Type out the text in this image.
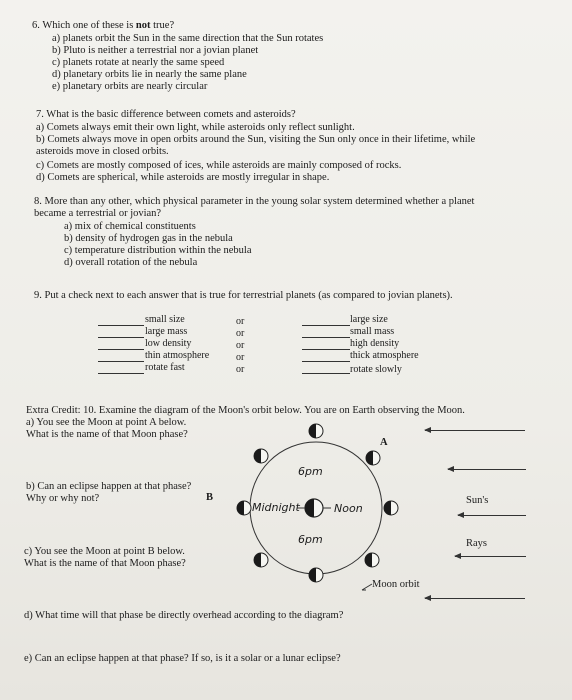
6. Which one of these is not true?
a) planets orbit the Sun in the same direction that the Sun rotates
b) Pluto is neither a terrestrial nor a jovian planet
c) planets rotate at nearly the same speed
d) planetary orbits lie in nearly the same plane
e) planetary orbits are nearly circular
7. What is the basic difference between comets and asteroids?
a) Comets always emit their own light, while asteroids only reflect sunlight.
b) Comets always move in open orbits around the Sun, visiting the Sun only once in their lifetime, while
asteroids move in closed orbits.
c) Comets are mostly composed of ices, while asteroids are mainly composed of rocks.
d) Comets are spherical, while asteroids are mostly irregular in shape.
8. More than any other, which physical parameter in the young solar system determined whether a planet
became a terrestrial or jovian?
a) mix of chemical constituents
b) density of hydrogen gas in the nebula
c) temperature distribution within the nebula
d) overall rotation of the nebula
9. Put a check next to each answer that is true for terrestrial planets (as compared to jovian planets).
small size	or	large size
large mass	or	small mass
low density	or	high density
thin atmosphere	or	thick atmosphere
rotate fast	or	rotate slowly
Extra Credit: 10. Examine the diagram of the Moon's orbit below. You are on Earth observing the Moon.
a) You see the Moon at point A below.
What is the name of that Moon phase?
b) Can an eclipse happen at that phase?
Why or why not?
c) You see the Moon at point B below.
What is the name of that Moon phase?
d) What time will that phase be directly overhead according to the diagram?
e) Can an eclipse happen at that phase? If so, is it a solar or a lunar eclipse?
A
B
6pm
Midnight	Noon
6pm
Moon orbit
Sun's
Rays
